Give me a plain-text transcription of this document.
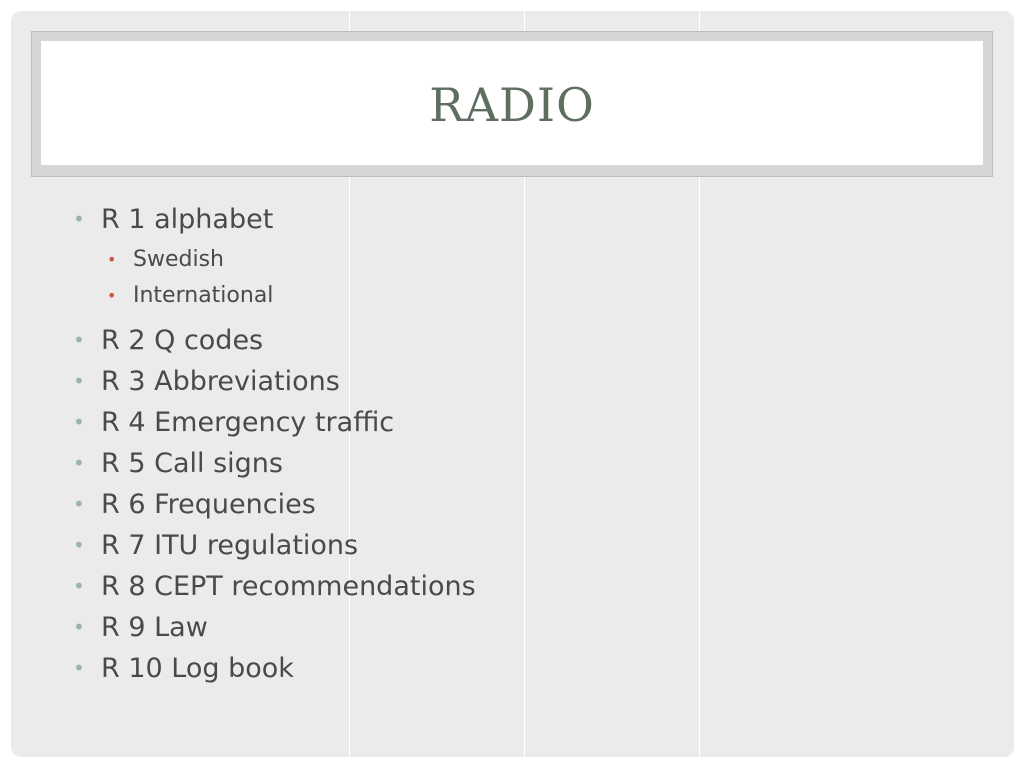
RADIO
• R 1 alphabet
• Swedish
• International
• R 2 Q codes
• R 3 Abbreviations
• R 4 Emergency traffic
• R 5 Call signs
• R 6 Frequencies
• R 7 ITU regulations
• R 8 CEPT recommendations
• R 9 Law
• R 10 Log book
